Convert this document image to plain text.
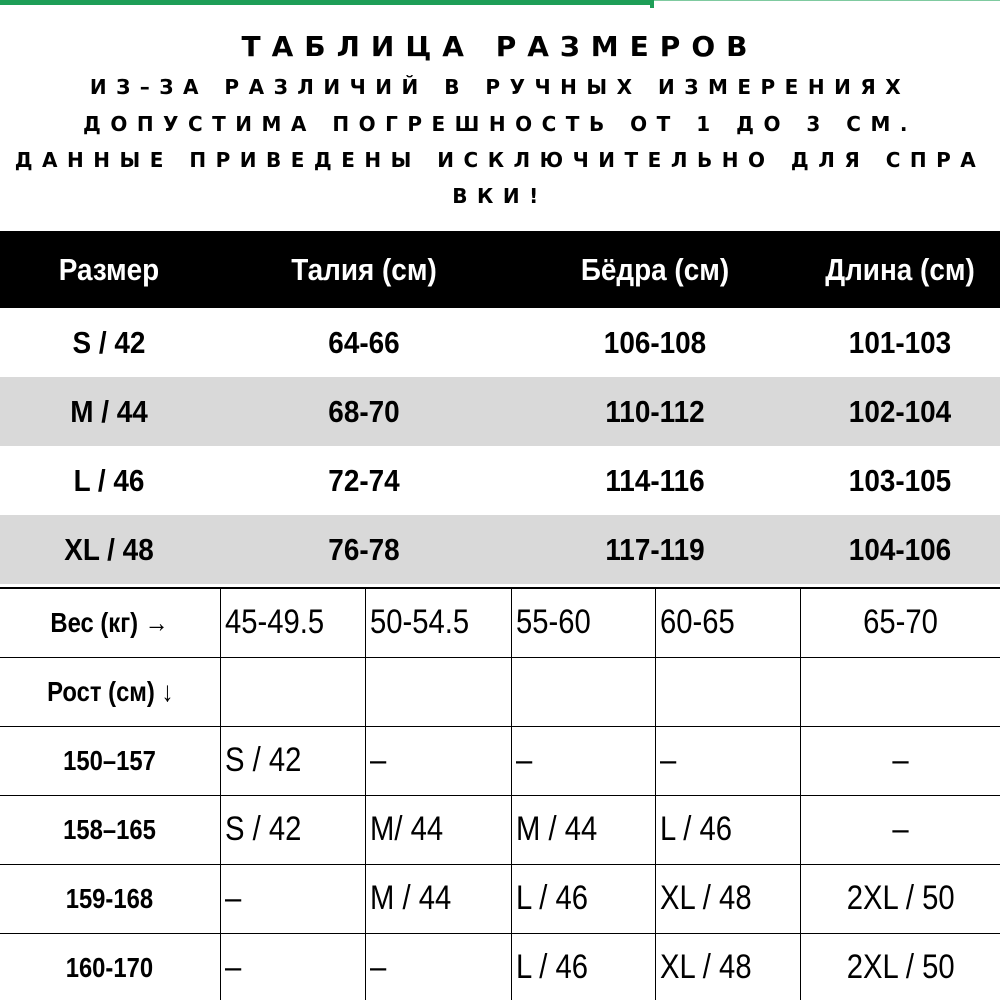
ТАБЛИЦА РАЗМЕРОВ
ИЗ–ЗА РАЗЛИЧИЙ В РУЧНЫХ ИЗМЕРЕНИЯХ
ДОПУСТИМА ПОГРЕШНОСТЬ ОТ 1 ДО 3 СМ.
ДАННЫЕ ПРИВЕДЕНЫ ИСКЛЮЧИТЕЛЬНО ДЛЯ СПРА
ВКИ!
Размер	Талия (см)	Бёдра (см)	Длина (см)
S / 42	64-66	106-108	101-103
M / 44	68-70	110-112	102-104
L / 46	72-74	114-116	103-105
XL / 48	76-78	117-119	104-106
Вес (кг) →	45-49.5	50-54.5	55-60	60-65	65-70
Рост (см) ↓					
150–157	S / 42	–	–	–	–
158–165	S / 42	M/ 44	M / 44	L / 46	–
159-168	–	M / 44	L / 46	XL / 48	2XL / 50
160-170	–	–	L / 46	XL / 48	2XL / 50
